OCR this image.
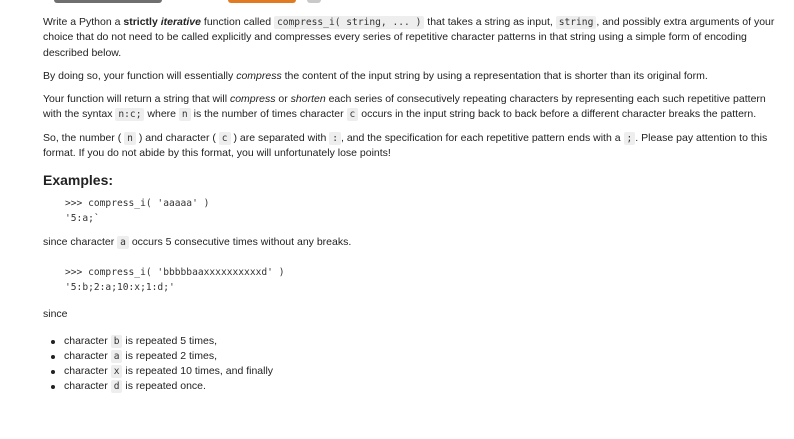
Write a Python a strictly iterative function called compress_i( string, ... ) that takes a string as input, string , and possibly extra arguments of your choice that do not need to be called explicitly and compresses every series of repetitive character patterns in that string using a simple form of encoding described below.

By doing so, your function will essentially compress the content of the input string by using a representation that is shorter than its original form.

Your function will return a string that will compress or shorten each series of consecutively repeating characters by representing each such repetitive pattern with the syntax n:c; where n is the number of times character c occurs in the input string back to back before a different character breaks the pattern.

So, the number ( n ) and character ( c ) are separated with : , and the specification for each repetitive pattern ends with a ; . Please pay attention to this format. If you do not abide by this format, you will unfortunately lose points!

Examples:
>>> compress_i( 'aaaaa' )
'5:a;`

since character a occurs 5 consecutive times without any breaks.

>>> compress_i( 'bbbbbaaxxxxxxxxxxd' )
'5:b;2:a;10:x;1:d;'

since

character b is repeated 5 times,
character a is repeated 2 times,
character x is repeated 10 times, and finally
character d is repeated once.
